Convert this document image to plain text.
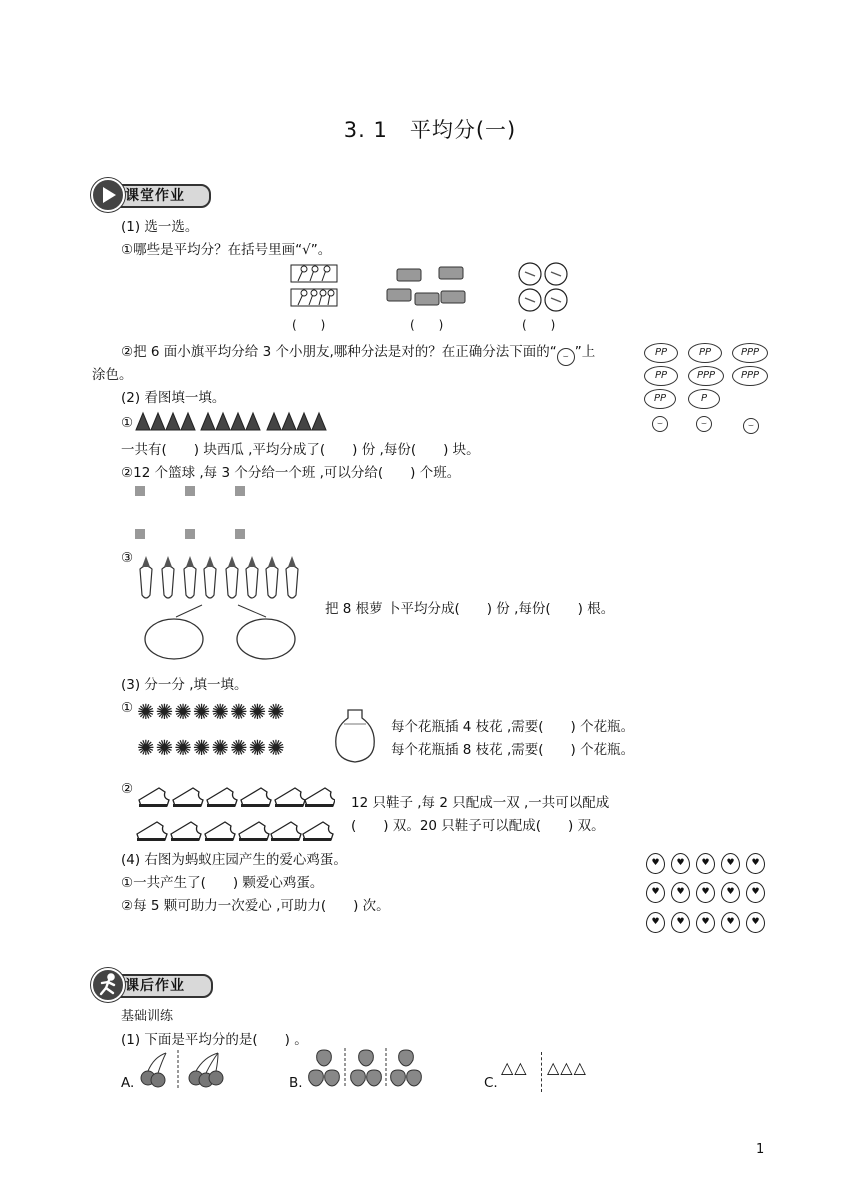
3. 1　平均分(一)
课堂作业
(1) 选一选。
①哪些是平均分？在括号里画“√”。
(　　)	(　　)	(　　)
②把 6 面小旗平均分给 3 个小朋友,哪种分法是对的？在正确分法下面的“ ⌣ ”上
涂色。
PP	PP	PPP
PP	PPP	PPP
PP	P
⌣	⌣	⌣
(2) 看图填一填。
①
一共有(　　) 块西瓜 ,平均分成了(　　) 份 ,每份(　　) 块。
②12 个篮球 ,每 3 个分给一个班 ,可以分给(　　) 个班。
③
把 8 根萝 卜平均分成(　　) 份 ,每份(　　) 根。
(3) 分一分 ,填一填。
① ✺✺✺✺✺✺✺✺
✺✺✺✺✺✺✺✺
每个花瓶插 4 枝花 ,需要(　　) 个花瓶。
每个花瓶插 8 枝花 ,需要(　　) 个花瓶。
②
12 只鞋子 ,每 2 只配成一双 ,一共可以配成
(　　) 双。20 只鞋子可以配成(　　) 双。
(4) 右图为蚂蚁庄园产生的爱心鸡蛋。
①一共产生了(　　) 颗爱心鸡蛋。
②每 5 颗可助力一次爱心 ,可助力(　　) 次。
♥	♥	♥	♥	♥
♥	♥	♥	♥	♥
♥	♥	♥	♥	♥
课后作业
基础训练
(1) 下面是平均分的是(　　) 。
A.	B.	C.
△△ △△△
1
